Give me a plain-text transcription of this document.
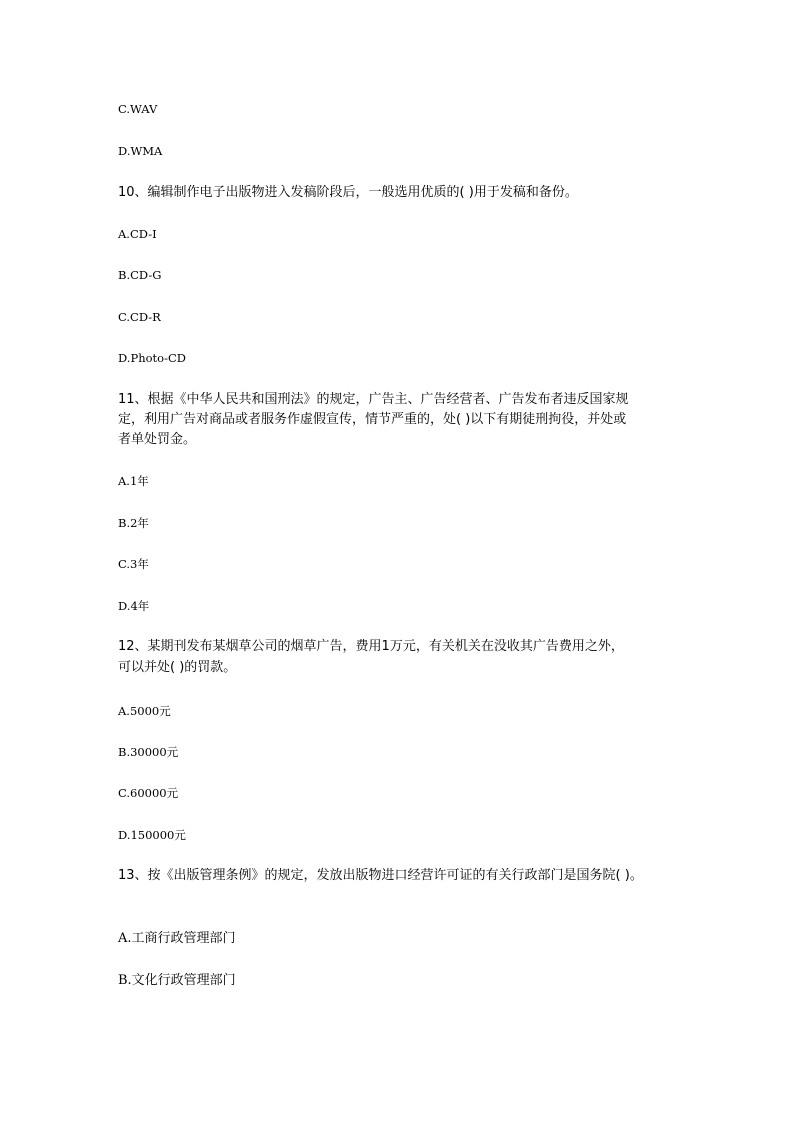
C.WAV
D.WMA
10、编辑制作电子出版物进入发稿阶段后，一般选用优质的( )用于发稿和备份。
A.CD-I
B.CD-G
C.CD-R
D.Photo-CD
11、根据《中华人民共和国刑法》的规定，广告主、广告经营者、广告发布者违反国家规
定，利用广告对商品或者服务作虚假宣传，情节严重的，处( )以下有期徒刑拘役，并处或
者单处罚金。
A.1年
B.2年
C.3年
D.4年
12、某期刊发布某烟草公司的烟草广告，费用1万元，有关机关在没收其广告费用之外，
可以并处( )的罚款。
A.5000元
B.30000元
C.60000元
D.150000元
13、按《出版管理条例》的规定，发放出版物进口经营许可证的有关行政部门是国务院( )。
A.工商行政管理部门
B.文化行政管理部门
